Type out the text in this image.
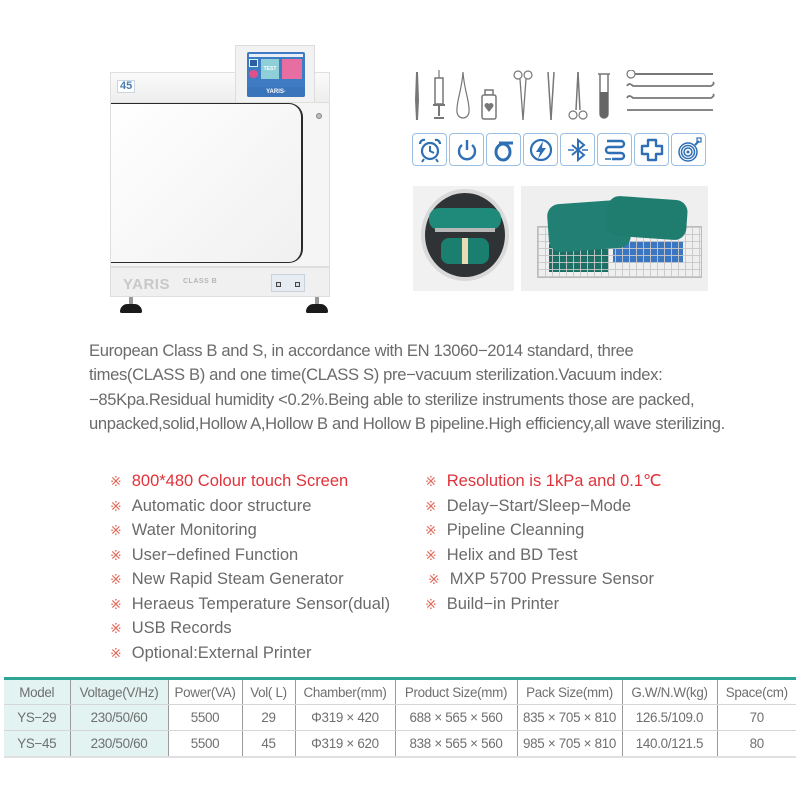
45
TEST
YARIS·
YARIS CLASS B

European Class B and S, in accordance with EN 13060−2014 standard, three times(CLASS B) and one time(CLASS S) pre−vacuum sterilization.Vacuum index: −85Kpa.Residual humidity <0.2%.Being able to sterilize instruments those are packed, unpacked,solid,Hollow A,Hollow B and Hollow B pipeline.High efficiency,all wave sterilizing.

※ 800*480 Colour touch Screen
※ Automatic door structure
※ Water Monitoring
※ User−defined Function
※ New Rapid Steam Generator
※ Heraeus Temperature Sensor(dual)
※ USB Records
※ Optional:External Printer
※ Resolution is 1kPa and 0.1℃
※ Delay−Start/Sleep−Mode
※ Pipeline Cleanning
※ Helix and BD Test
※ MXP 5700 Pressure Sensor
※ Build−in Printer
Model	Voltage(V/Hz)	Power(VA)	Vol( L)	Chamber(mm)	Product Size(mm)	Pack Size(mm)	G.W/N.W(kg)	Space(cm)
YS−29	230/50/60	5500	29	Φ319 × 420	688 × 565 × 560	835 × 705 × 810	126.5/109.0	70
YS−45	230/50/60	5500	45	Φ319 × 620	838 × 565 × 560	985 × 705 × 810	140.0/121.5	80
